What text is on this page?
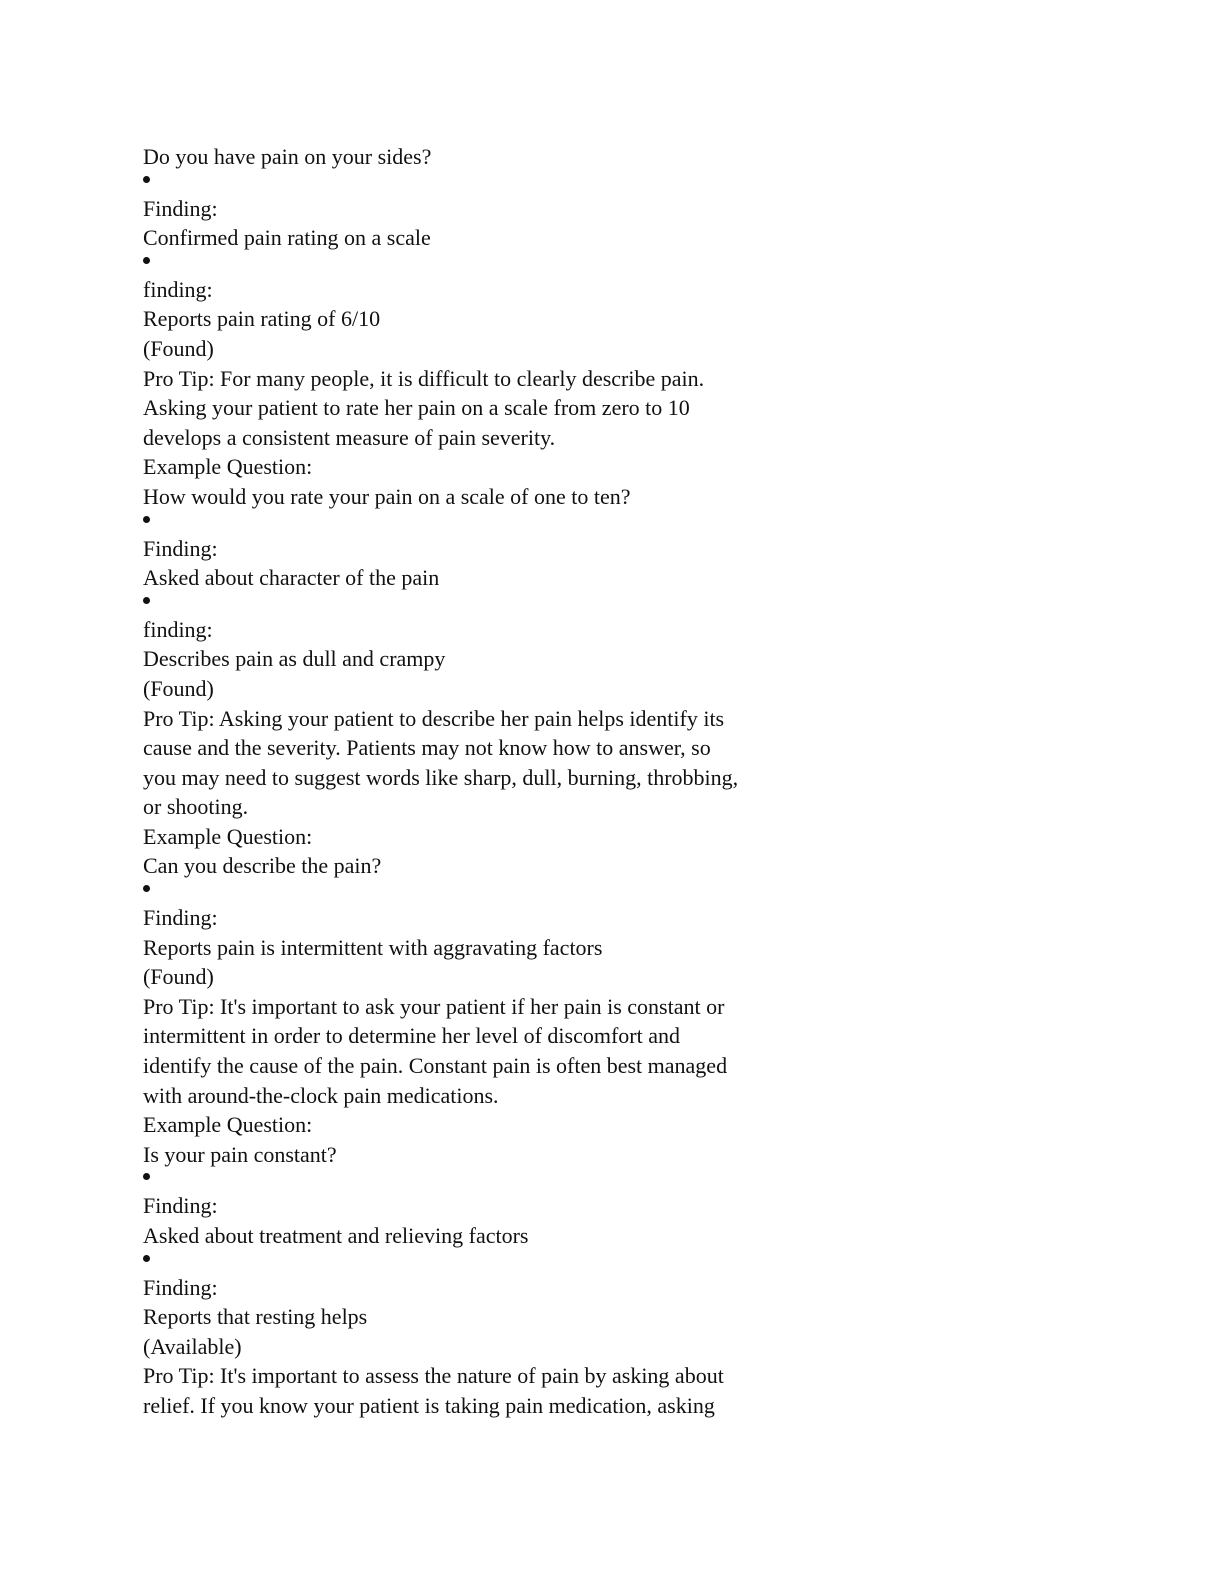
Do you have pain on your sides?
Finding:
Confirmed pain rating on a scale
finding:
Reports pain rating of 6/10
(Found)
Pro Tip: For many people, it is difficult to clearly describe pain.
Asking your patient to rate her pain on a scale from zero to 10
develops a consistent measure of pain severity.
Example Question:
How would you rate your pain on a scale of one to ten?
Finding:
Asked about character of the pain
finding:
Describes pain as dull and crampy
(Found)
Pro Tip: Asking your patient to describe her pain helps identify its
cause and the severity. Patients may not know how to answer, so
you may need to suggest words like sharp, dull, burning, throbbing,
or shooting.
Example Question:
Can you describe the pain?
Finding:
Reports pain is intermittent with aggravating factors
(Found)
Pro Tip: It's important to ask your patient if her pain is constant or
intermittent in order to determine her level of discomfort and
identify the cause of the pain. Constant pain is often best managed
with around-the-clock pain medications.
Example Question:
Is your pain constant?
Finding:
Asked about treatment and relieving factors
Finding:
Reports that resting helps
(Available)
Pro Tip: It's important to assess the nature of pain by asking about
relief. If you know your patient is taking pain medication, asking
